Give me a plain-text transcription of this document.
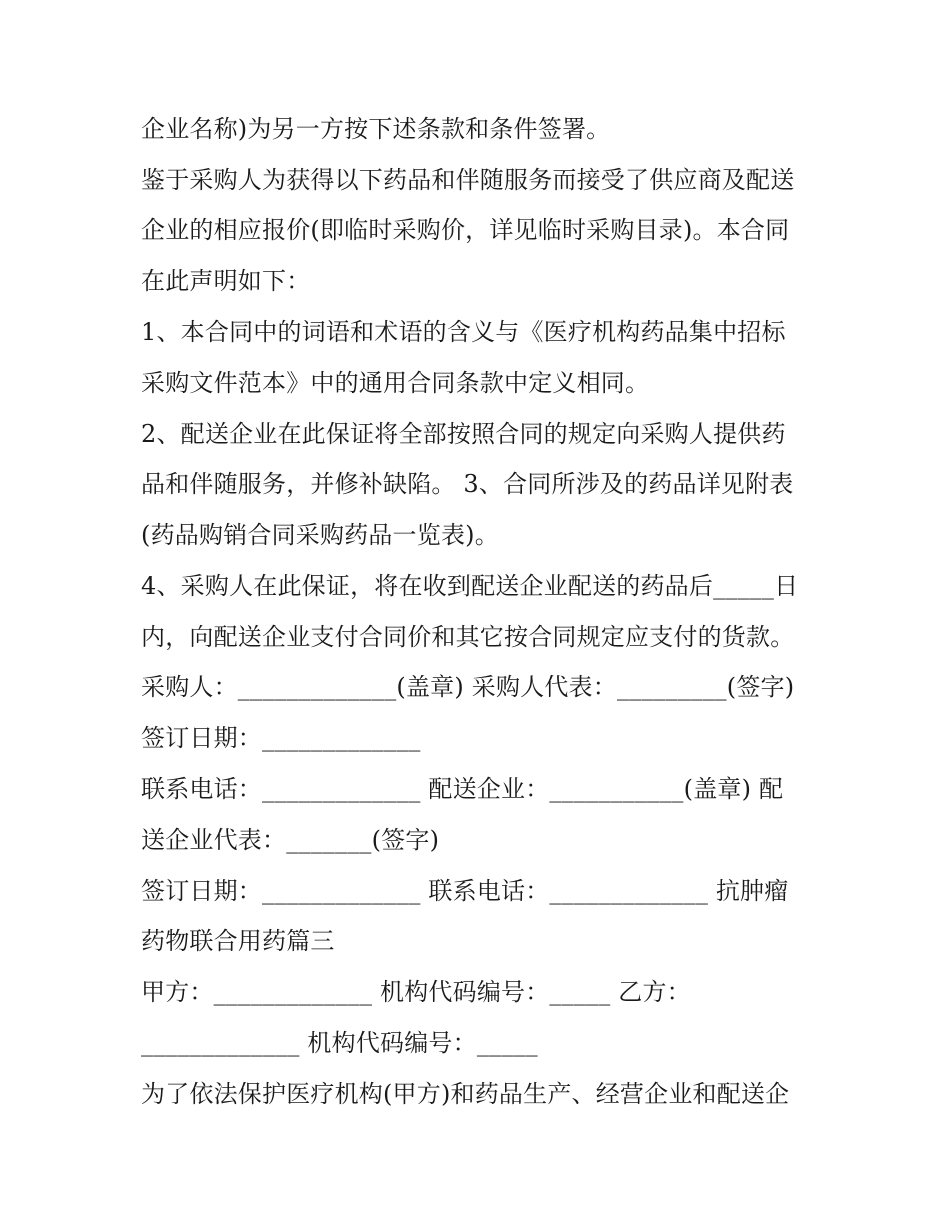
企业名称)为另一方按下述条款和条件签署。
鉴于采购人为获得以下药品和伴随服务而接受了供应商及配送
企业的相应报价(即临时采购价，详见临时采购目录)。本合同
在此声明如下：
1、本合同中的词语和术语的含义与《医疗机构药品集中招标
采购文件范本》中的通用合同条款中定义相同。
2、配送企业在此保证将全部按照合同的规定向采购人提供药
品和伴随服务，并修补缺陷。 3、合同所涉及的药品详见附表
(药品购销合同采购药品一览表)。
4、采购人在此保证，将在收到配送企业配送的药品后_____日
内，向配送企业支付合同价和其它按合同规定应支付的货款。
采购人：_____________(盖章) 采购人代表：_________(签字)
签订日期：_____________
联系电话：_____________ 配送企业：___________(盖章) 配
送企业代表：_______(签字)
签订日期：_____________ 联系电话：_____________ 抗肿瘤
药物联合用药篇三
甲方：_____________ 机构代码编号：_____ 乙方：
_____________ 机构代码编号：_____
为了依法保护医疗机构(甲方)和药品生产、经营企业和配送企
